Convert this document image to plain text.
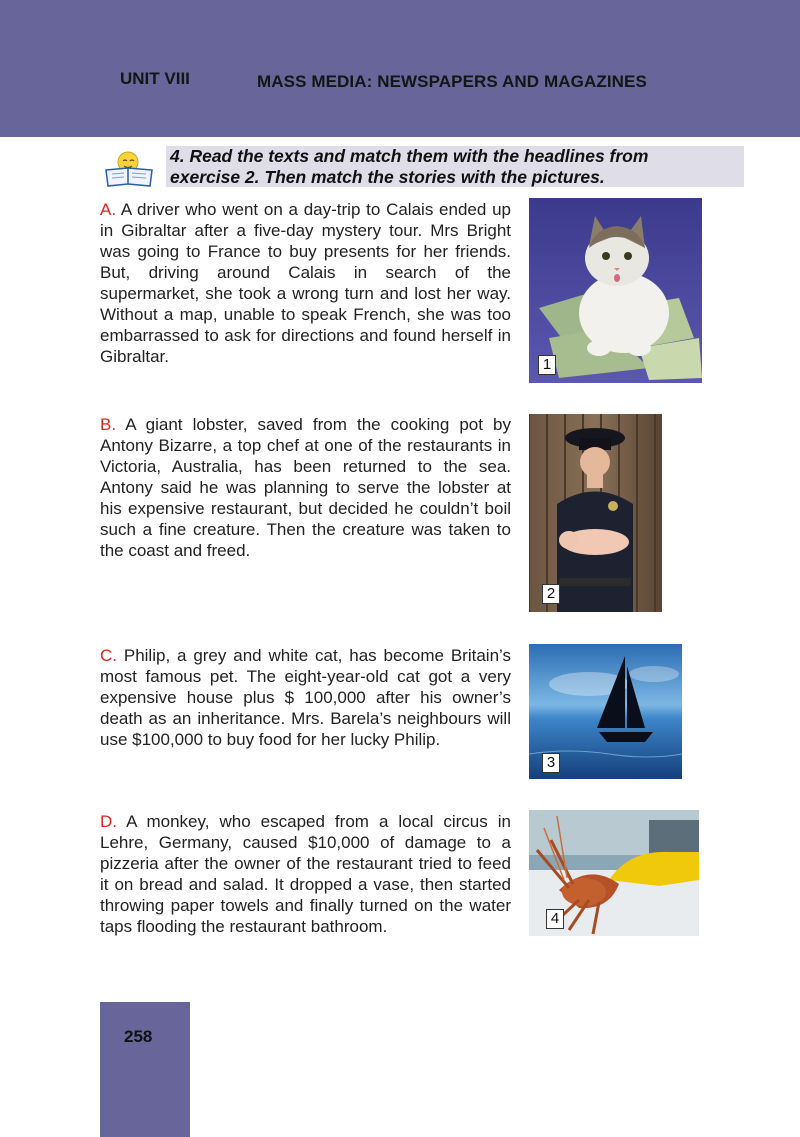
UNIT VIII	MASS MEDIA: NEWSPAPERS AND MAGAZINES
4. Read the texts and match them with the headlines from
exercise 2. Then match the stories with the pictures.
A. A driver who went on a day-trip to Calais ended up in Gibraltar after a five-day mystery tour. Mrs Bright was going to France to buy presents for her friends. But, driving around Calais in search of the supermarket, she took a wrong turn and lost her way. Without a map, unable to speak French, she was too embarrassed to ask for directions and found herself in Gibraltar.
B. A giant lobster, saved from the cooking pot by Antony Bizarre, a top chef at one of the restaurants in Victoria, Australia, has been returned to the sea. Antony said he was planning to serve the lobster at his expensive restaurant, but decided he couldn’t boil such a fine creature. Then the creature was taken to the coast and freed.
C. Philip, a grey and white cat, has become Britain’s most famous pet. The eight-year-old cat got a very expensive house plus $ 100,000 after his owner’s death as an inheritance. Mrs. Barela’s neighbours will use $100,000 to buy food for her lucky Philip.
D. A monkey, who escaped from a local circus in Lehre, Germany, caused $10,000 of damage to a pizzeria after the owner of the restaurant tried to feed it on bread and salad. It dropped a vase, then started throwing paper towels and finally turned on the water taps flooding the restaurant bathroom.
1
2
3
4
258
